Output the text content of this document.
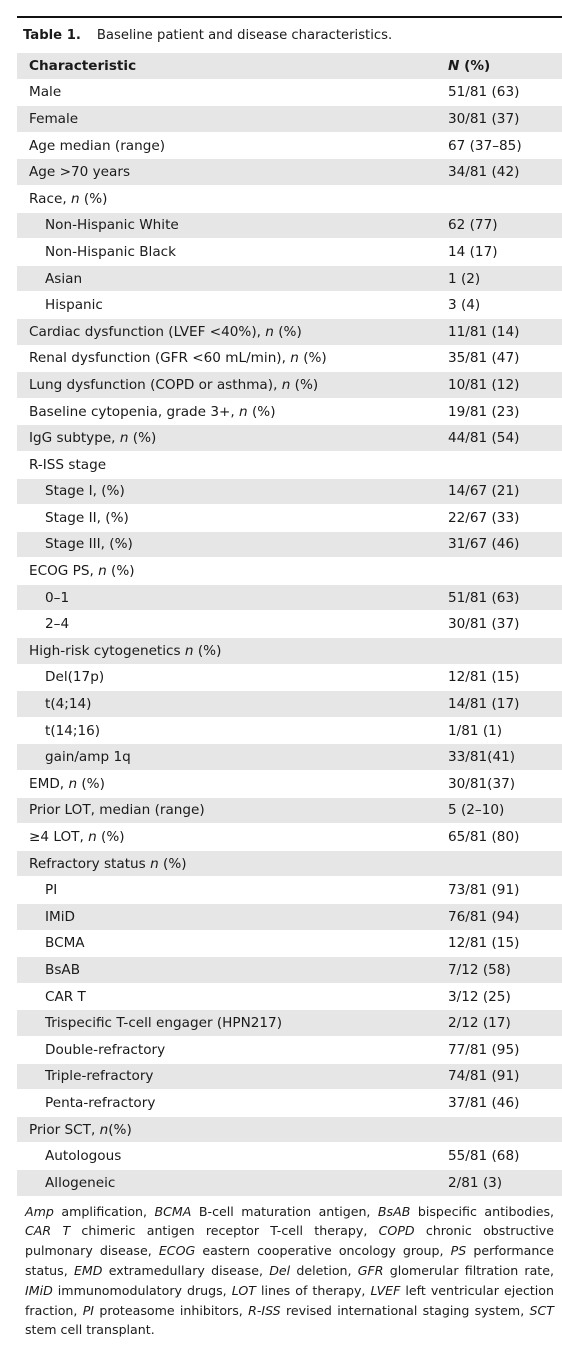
Table 1. Baseline patient and disease characteristics.
Characteristic	N (%)
Male	51/81 (63)
Female	30/81 (37)
Age median (range)	67 (37–85)
Age >70 years	34/81 (42)
Race, n (%)
Non-Hispanic White	62 (77)
Non-Hispanic Black	14 (17)
Asian	1 (2)
Hispanic	3 (4)
Cardiac dysfunction (LVEF <40%), n (%)	11/81 (14)
Renal dysfunction (GFR <60 mL/min), n (%)	35/81 (47)
Lung dysfunction (COPD or asthma), n (%)	10/81 (12)
Baseline cytopenia, grade 3+, n (%)	19/81 (23)
IgG subtype, n (%)	44/81 (54)
R-ISS stage
Stage I, (%)	14/67 (21)
Stage II, (%)	22/67 (33)
Stage III, (%)	31/67 (46)
ECOG PS, n (%)
0–1	51/81 (63)
2–4	30/81 (37)
High-risk cytogenetics n (%)
Del(17p)	12/81 (15)
t(4;14)	14/81 (17)
t(14;16)	1/81 (1)
gain/amp 1q	33/81(41)
EMD, n (%)	30/81(37)
Prior LOT, median (range)	5 (2–10)
≥4 LOT, n (%)	65/81 (80)
Refractory status n (%)
PI	73/81 (91)
IMiD	76/81 (94)
BCMA	12/81 (15)
BsAB	7/12 (58)
CAR T	3/12 (25)
Trispecific T-cell engager (HPN217)	2/12 (17)
Double-refractory	77/81 (95)
Triple-refractory	74/81 (91)
Penta-refractory	37/81 (46)
Prior SCT, n(%)
Autologous	55/81 (68)
Allogeneic	2/81 (3)
Amp amplification, BCMA B-cell maturation antigen, BsAB bispecific antibodies, CAR T chimeric antigen receptor T-cell therapy, COPD chronic obstructive pulmonary disease, ECOG eastern cooperative oncology group, PS performance status, EMD extramedullary disease, Del deletion, GFR glomerular filtration rate, IMiD immunomodulatory drugs, LOT lines of therapy, LVEF left ventricular ejection fraction, PI proteasome inhibitors, R-ISS revised international staging system, SCT stem cell transplant.
